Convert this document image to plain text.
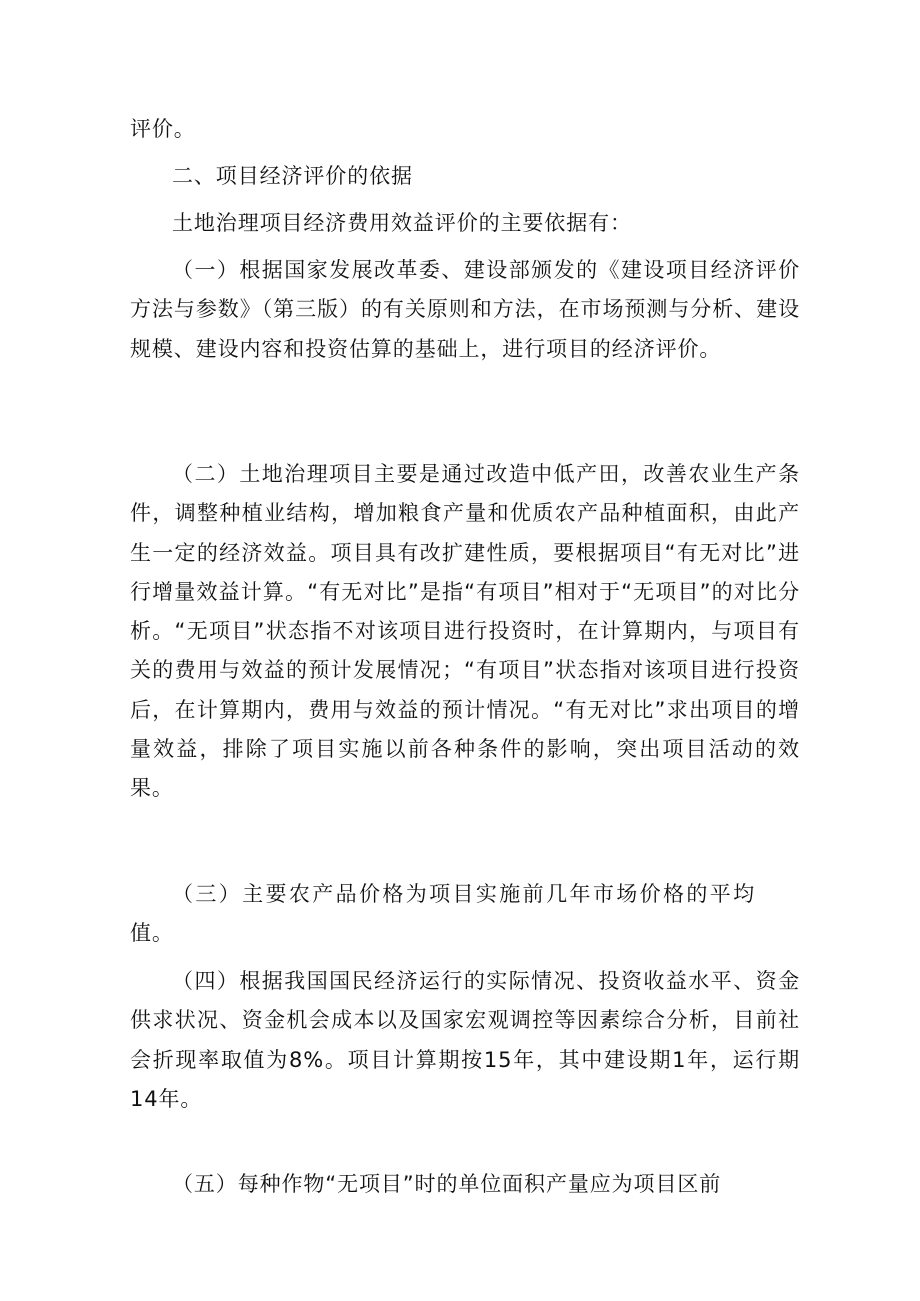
评价。

二、项目经济评价的依据

土地治理项目经济费用效益评价的主要依据有：

（一）根据国家发展改革委、建设部颁发的《建设项目经济评价方法与参数》（第三版）的有关原则和方法，在市场预测与分析、建设规模、建设内容和投资估算的基础上，进行项目的经济评价。

（二）土地治理项目主要是通过改造中低产田，改善农业生产条件，调整种植业结构，增加粮食产量和优质农产品种植面积，由此产生一定的经济效益。项目具有改扩建性质，要根据项目“有无对比”进行增量效益计算。“有无对比”是指“有项目”相对于“无项目”的对比分析。“无项目”状态指不对该项目进行投资时，在计算期内，与项目有关的费用与效益的预计发展情况；“有项目”状态指对该项目进行投资后，在计算期内，费用与效益的预计情况。“有无对比”求出项目的增量效益，排除了项目实施以前各种条件的影响，突出项目活动的效果。

（三）主要农产品价格为项目实施前几年市场价格的平均值。

（四）根据我国国民经济运行的实际情况、投资收益水平、资金供求状况、资金机会成本以及国家宏观调控等因素综合分析，目前社会折现率取值为8%。项目计算期按15年，其中建设期1年，运行期14年。

（五）每种作物“无项目”时的单位面积产量应为项目区前
